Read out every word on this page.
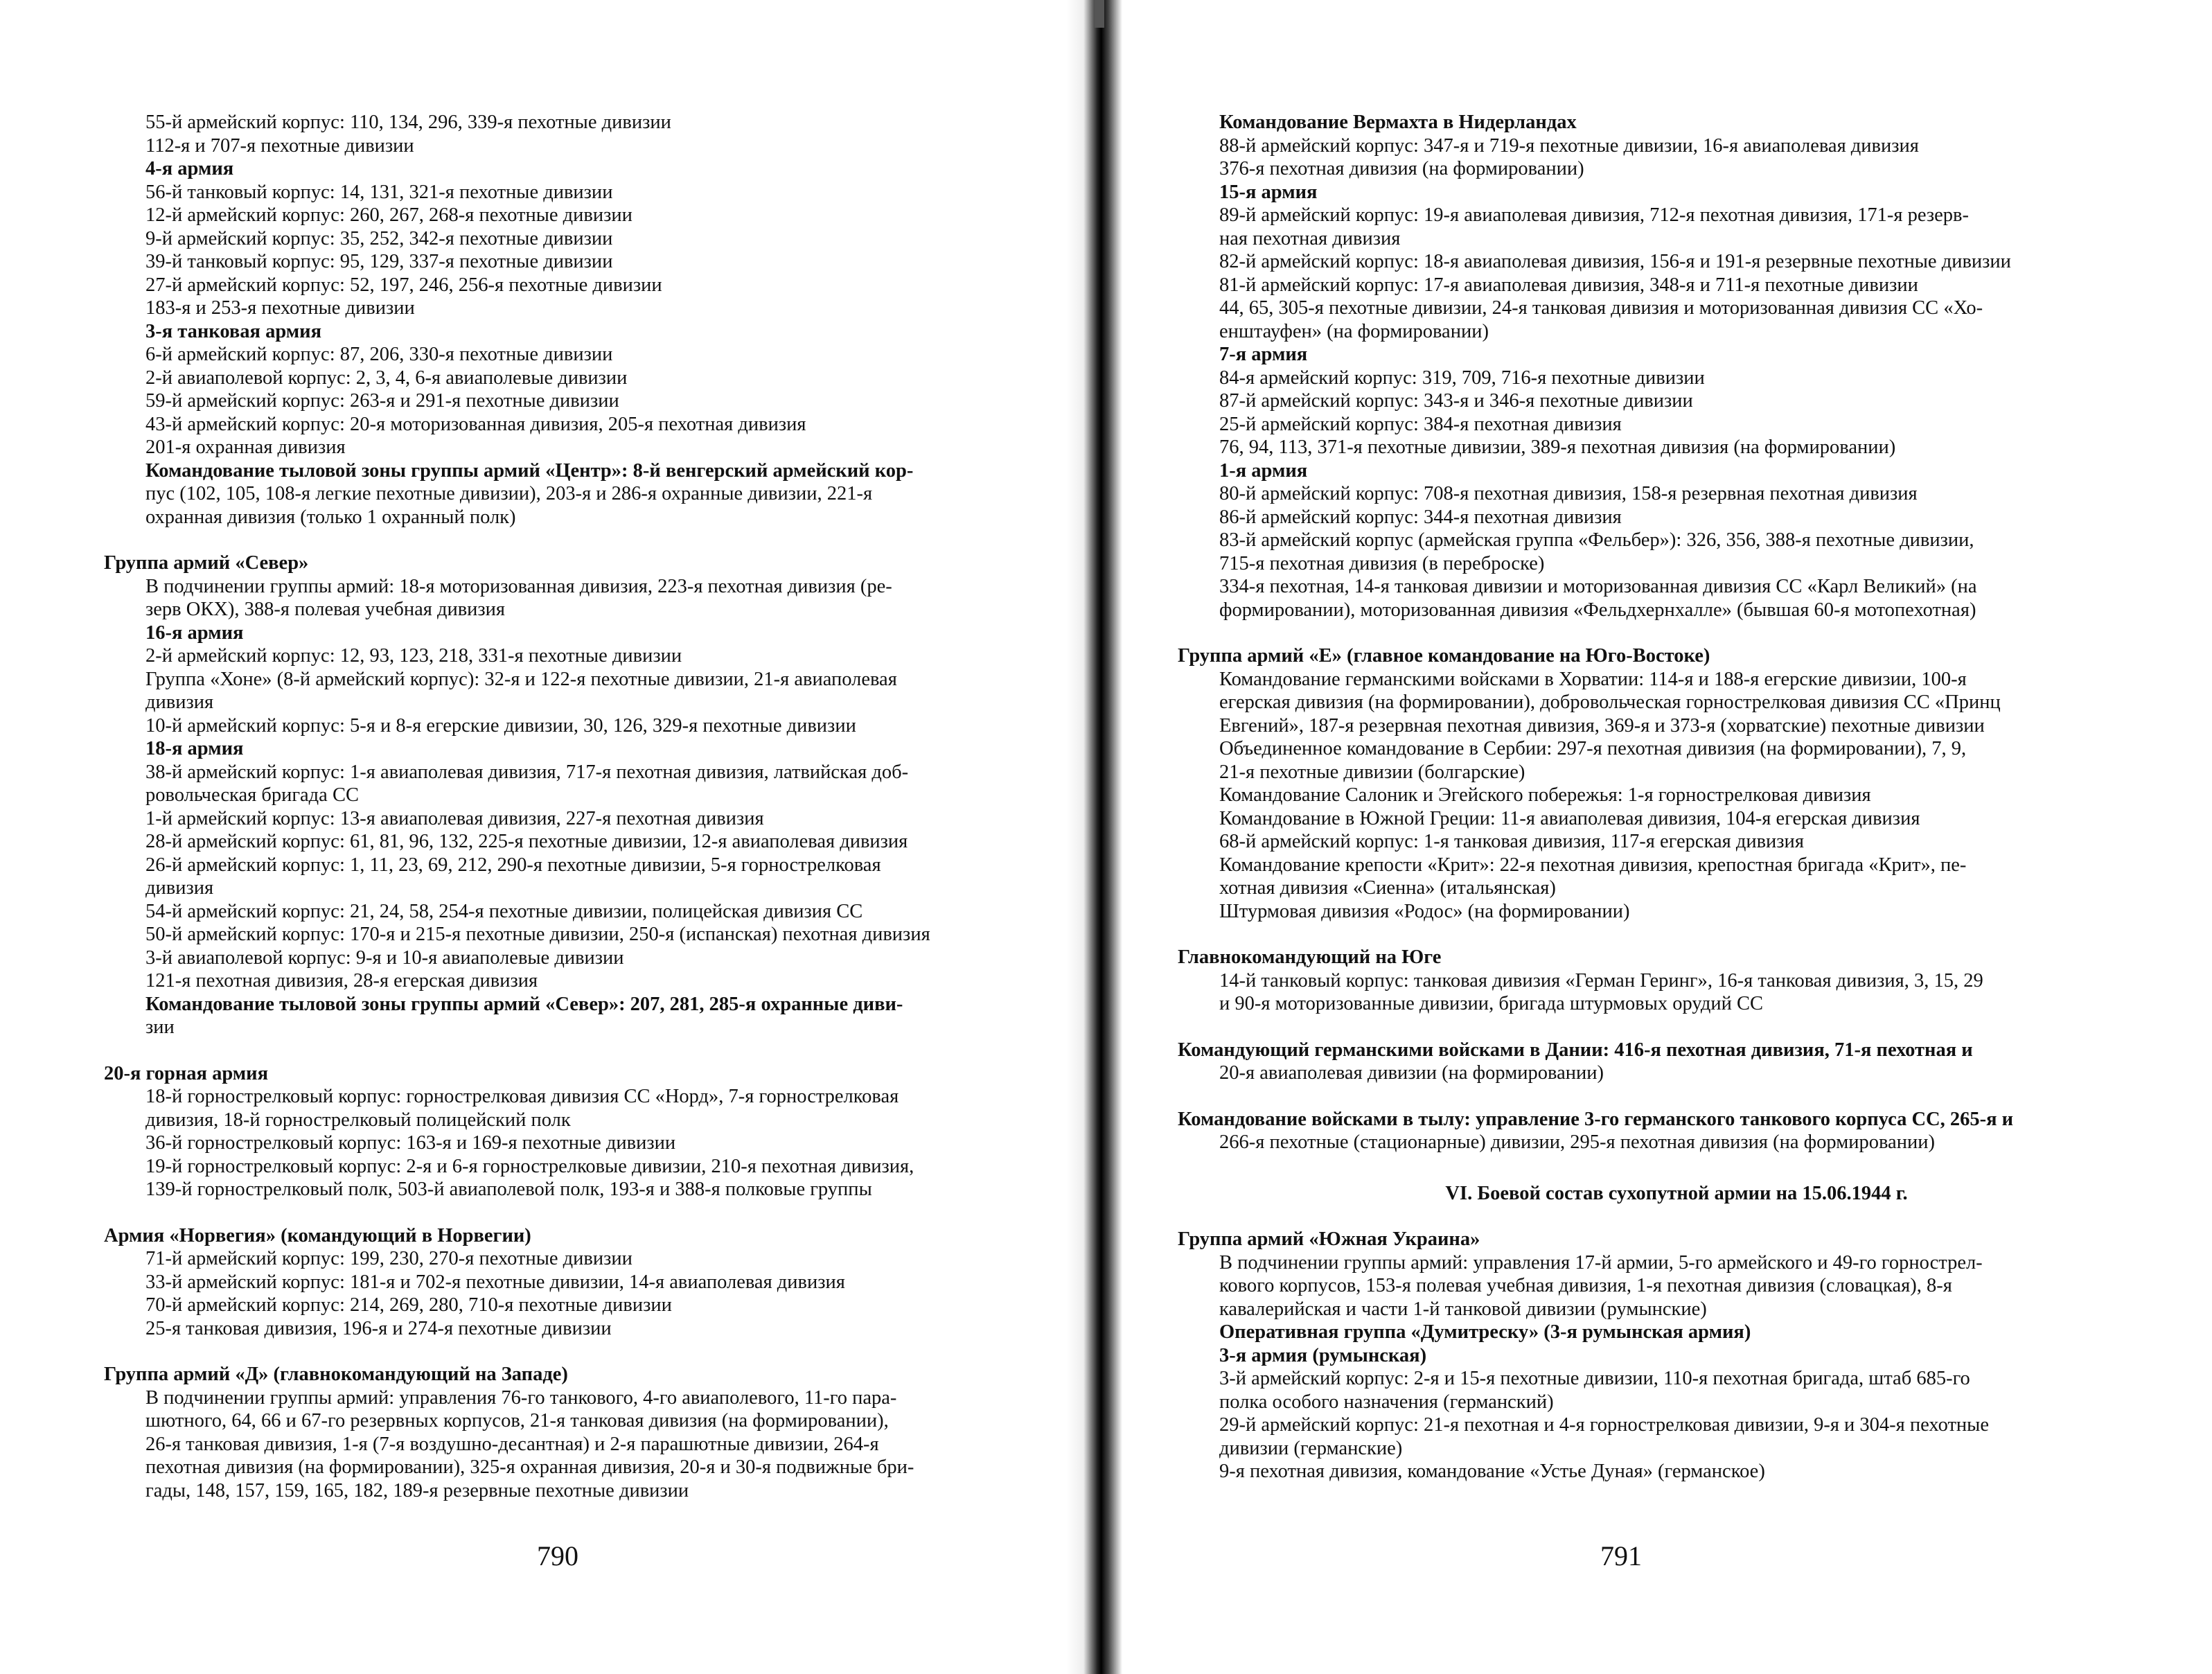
55-й армейский корпус: 110, 134, 296, 339-я пехотные дивизии

112-я и 707-я пехотные дивизии

4-я армия

56-й танковый корпус: 14, 131, 321-я пехотные дивизии

12-й армейский корпус: 260, 267, 268-я пехотные дивизии

9-й армейский корпус: 35, 252, 342-я пехотные дивизии

39-й танковый корпус: 95, 129, 337-я пехотные дивизии

27-й армейский корпус: 52, 197, 246, 256-я пехотные дивизии

183-я и 253-я пехотные дивизии

3-я танковая армия

6-й армейский корпус: 87, 206, 330-я пехотные дивизии

2-й авиаполевой корпус: 2, 3, 4, 6-я авиаполевые дивизии

59-й армейский корпус: 263-я и 291-я пехотные дивизии

43-й армейский корпус: 20-я моторизованная дивизия, 205-я пехотная дивизия

201-я охранная дивизия

Командование тыловой зоны группы армий «Центр»: 8-й венгерский армейский кор-

пус (102, 105, 108-я легкие пехотные дивизии), 203-я и 286-я охранные дивизии, 221-я

охранная дивизия (только 1 охранный полк)

Группа армий «Север»

В подчинении группы армий: 18-я моторизованная дивизия, 223-я пехотная дивизия (ре-

зерв ОКХ), 388-я полевая учебная дивизия

16-я армия

2-й армейский корпус: 12, 93, 123, 218, 331-я пехотные дивизии

Группа «Хоне» (8-й армейский корпус): 32-я и 122-я пехотные дивизии, 21-я авиаполевая

дивизия

10-й армейский корпус: 5-я и 8-я егерские дивизии, 30, 126, 329-я пехотные дивизии

18-я армия

38-й армейский корпус: 1-я авиаполевая дивизия, 717-я пехотная дивизия, латвийская доб-

ровольческая бригада СС

1-й армейский корпус: 13-я авиаполевая дивизия, 227-я пехотная дивизия

28-й армейский корпус: 61, 81, 96, 132, 225-я пехотные дивизии, 12-я авиаполевая дивизия

26-й армейский корпус: 1, 11, 23, 69, 212, 290-я пехотные дивизии, 5-я горнострелковая

дивизия

54-й армейский корпус: 21, 24, 58, 254-я пехотные дивизии, полицейская дивизия СС

50-й армейский корпус: 170-я и 215-я пехотные дивизии, 250-я (испанская) пехотная дивизия

3-й авиаполевой корпус: 9-я и 10-я авиаполевые дивизии

121-я пехотная дивизия, 28-я егерская дивизия

Командование тыловой зоны группы армий «Север»: 207, 281, 285-я охранные диви-

зии

20-я горная армия

18-й горнострелковый корпус: горнострелковая дивизия СС «Норд», 7-я горнострелковая

дивизия, 18-й горнострелковый полицейский полк

36-й горнострелковый корпус: 163-я и 169-я пехотные дивизии

19-й горнострелковый корпус: 2-я и 6-я горнострелковые дивизии, 210-я пехотная дивизия,

139-й горнострелковый полк, 503-й авиаполевой полк, 193-я и 388-я полковые группы

Армия «Норвегия» (командующий в Норвегии)

71-й армейский корпус: 199, 230, 270-я пехотные дивизии

33-й армейский корпус: 181-я и 702-я пехотные дивизии, 14-я авиаполевая дивизия

70-й армейский корпус: 214, 269, 280, 710-я пехотные дивизии

25-я танковая дивизия, 196-я и 274-я пехотные дивизии

Группа армий «Д» (главнокомандующий на Западе)

В подчинении группы армий: управления 76-го танкового, 4-го авиаполевого, 11-го пара-

шютного, 64, 66 и 67-го резервных корпусов, 21-я танковая дивизия (на формировании),

26-я танковая дивизия, 1-я (7-я воздушно-десантная) и 2-я парашютные дивизии, 264-я

пехотная дивизия (на формировании), 325-я охранная дивизия, 20-я и 30-я подвижные бри-

гады, 148, 157, 159, 165, 182, 189-я резервные пехотные дивизии

790

Командование Вермахта в Нидерландах

88-й армейский корпус: 347-я и 719-я пехотные дивизии, 16-я авиаполевая дивизия

376-я пехотная дивизия (на формировании)

15-я армия

89-й армейский корпус: 19-я авиаполевая дивизия, 712-я пехотная дивизия, 171-я резерв-

ная пехотная дивизия

82-й армейский корпус: 18-я авиаполевая дивизия, 156-я и 191-я резервные пехотные дивизии

81-й армейский корпус: 17-я авиаполевая дивизия, 348-я и 711-я пехотные дивизии

44, 65, 305-я пехотные дивизии, 24-я танковая дивизия и моторизованная дивизия СС «Хо-

енштауфен» (на формировании)

7-я армия

84-я армейский корпус: 319, 709, 716-я пехотные дивизии

87-й армейский корпус: 343-я и 346-я пехотные дивизии

25-й армейский корпус: 384-я пехотная дивизия

76, 94, 113, 371-я пехотные дивизии, 389-я пехотная дивизия (на формировании)

1-я армия

80-й армейский корпус: 708-я пехотная дивизия, 158-я резервная пехотная дивизия

86-й армейский корпус: 344-я пехотная дивизия

83-й армейский корпус (армейская группа «Фельбер»): 326, 356, 388-я пехотные дивизии,

715-я пехотная дивизия (в переброске)

334-я пехотная, 14-я танковая дивизии и моторизованная дивизия СС «Карл Великий» (на

формировании), моторизованная дивизия «Фельдхернхалле» (бывшая 60-я мотопехотная)

Группа армий «Е» (главное командование на Юго-Востоке)

Командование германскими войсками в Хорватии: 114-я и 188-я егерские дивизии, 100-я

егерская дивизия (на формировании), добровольческая горнострелковая дивизия СС «Принц

Евгений», 187-я резервная пехотная дивизия, 369-я и 373-я (хорватские) пехотные дивизии

Объединенное командование в Сербии: 297-я пехотная дивизия (на формировании), 7, 9,

21-я пехотные дивизии (болгарские)

Командование Салоник и Эгейского побережья: 1-я горнострелковая дивизия

Командование в Южной Греции: 11-я авиаполевая дивизия, 104-я егерская дивизия

68-й армейский корпус: 1-я танковая дивизия, 117-я егерская дивизия

Командование крепости «Крит»: 22-я пехотная дивизия, крепостная бригада «Крит», пе-

хотная дивизия «Сиенна» (итальянская)

Штурмовая дивизия «Родос» (на формировании)

Главнокомандующий на Юге

14-й танковый корпус: танковая дивизия «Герман Геринг», 16-я танковая дивизия, 3, 15, 29

и 90-я моторизованные дивизии, бригада штурмовых орудий СС

Командующий германскими войсками в Дании: 416-я пехотная дивизия, 71-я пехотная и

20-я авиаполевая дивизии (на формировании)

Командование войсками в тылу: управление 3-го германского танкового корпуса СС, 265-я и

266-я пехотные (стационарные) дивизии, 295-я пехотная дивизия (на формировании)

VI. Боевой состав сухопутной армии на 15.06.1944 г.

Группа армий «Южная Украина»

В подчинении группы армий: управления 17-й армии, 5-го армейского и 49-го горнострел-

кового корпусов, 153-я полевая учебная дивизия, 1-я пехотная дивизия (словацкая), 8-я

кавалерийская и части 1-й танковой дивизии (румынские)

Оперативная группа «Думитреску» (3-я румынская армия)

3-я армия (румынская)

3-й армейский корпус: 2-я и 15-я пехотные дивизии, 110-я пехотная бригада, штаб 685-го

полка особого назначения (германский)

29-й армейский корпус: 21-я пехотная и 4-я горнострелковая дивизии, 9-я и 304-я пехотные

дивизии (германские)

9-я пехотная дивизия, командование «Устье Дуная» (германское)

791
